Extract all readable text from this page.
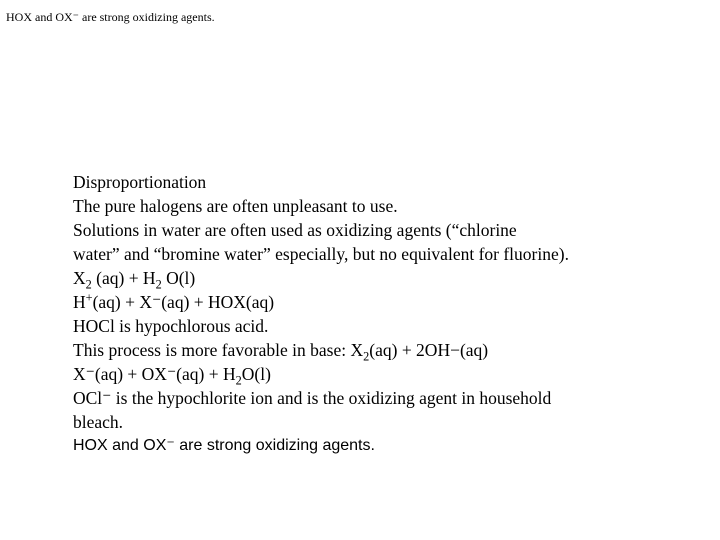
HOX and OX⁻ are strong oxidizing agents.
Disproportionation
The pure halogens are often unpleasant to use.
Solutions in water are often used as oxidizing agents (“chlorine
water” and “bromine water” especially, but no equivalent for fluorine).
$X_2$ $(aq) + H_2$ O(l)
H+(aq) + X⁻(aq) + HOX(aq)
HOCl is hypochlorous acid.
This process is more favorable in base: $X_2(aq) + 2OH-(aq)$
$X^-(aq) + OX^-(aq) + H_2O(l)$
OCl⁻ is the hypochlorite ion and is the oxidizing agent in household
bleach.
HOX and OX⁻ are strong oxidizing agents.
